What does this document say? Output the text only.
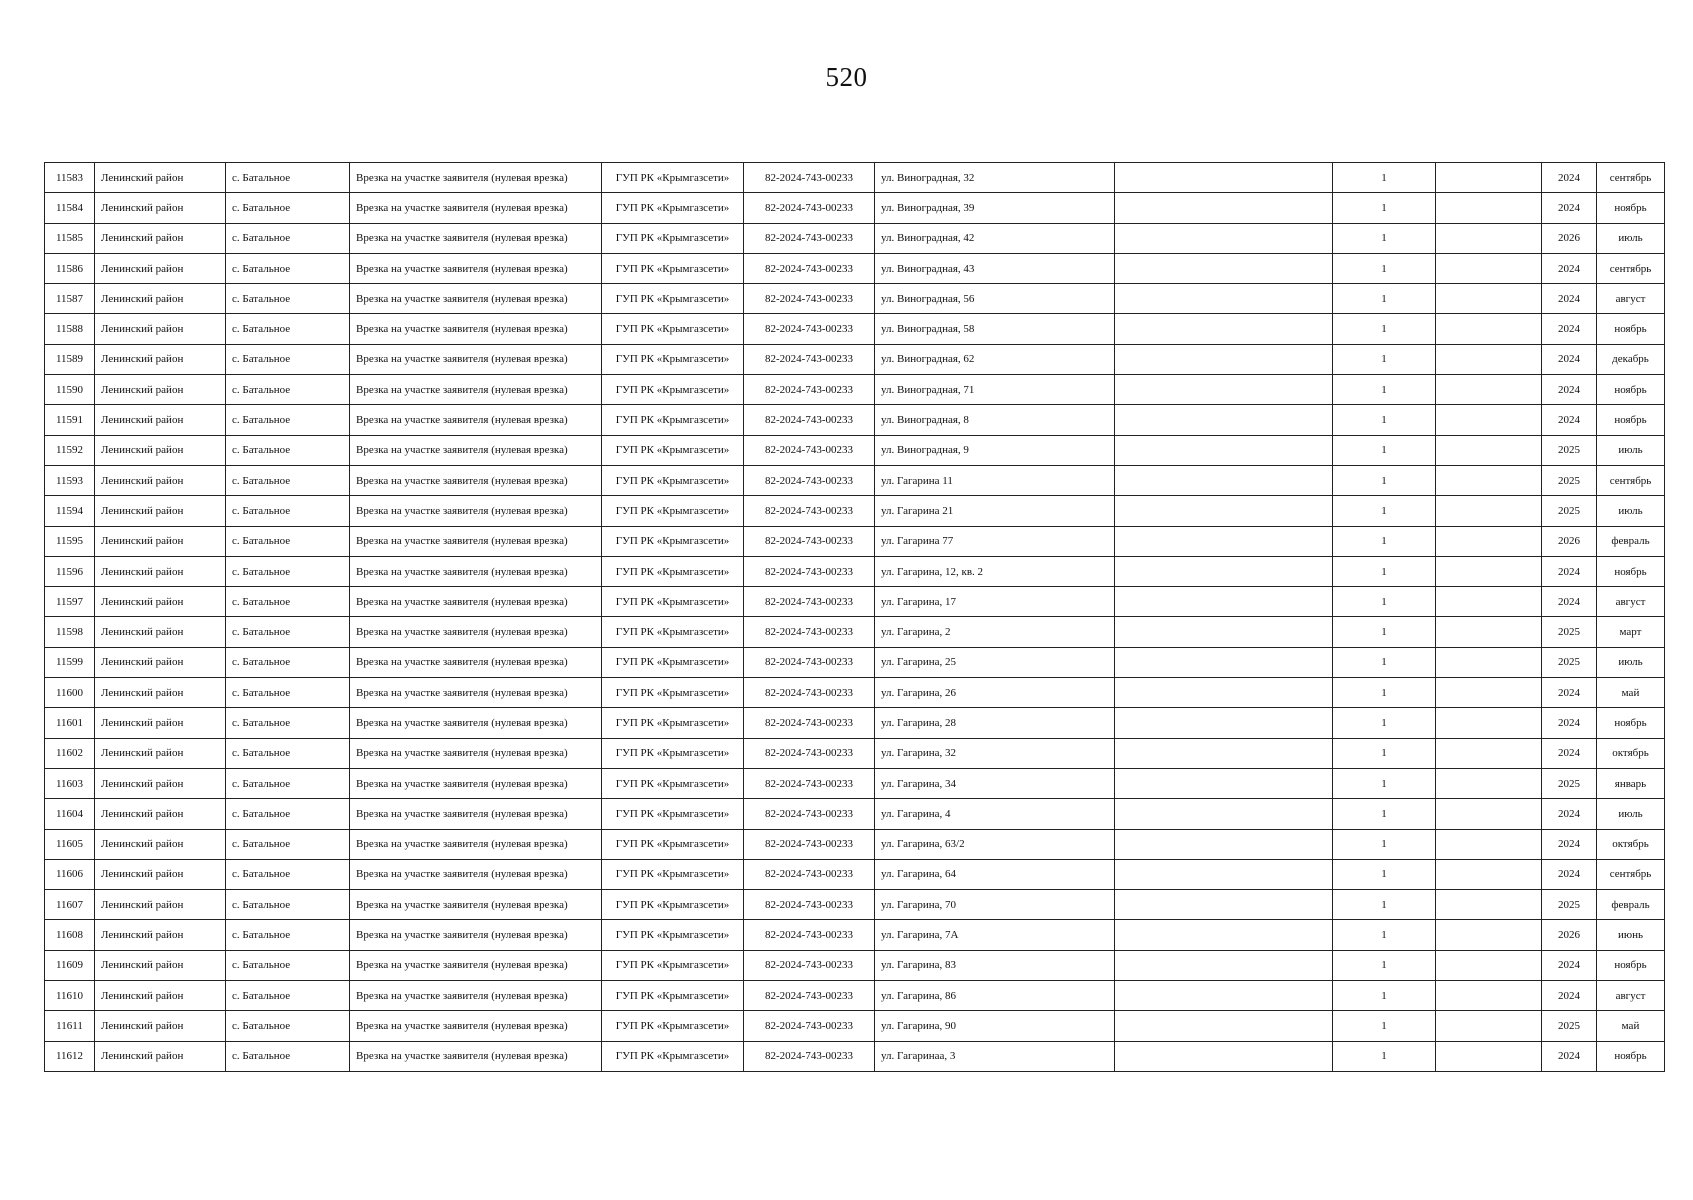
520
11583	Ленинский район	с. Батальное	Врезка на участке заявителя (нулевая врезка)	ГУП РК «Крымгазсети»	82-2024-743-00233	ул. Виноградная, 32		1		2024	сентябрь
11584	Ленинский район	с. Батальное	Врезка на участке заявителя (нулевая врезка)	ГУП РК «Крымгазсети»	82-2024-743-00233	ул. Виноградная, 39		1		2024	ноябрь
11585	Ленинский район	с. Батальное	Врезка на участке заявителя (нулевая врезка)	ГУП РК «Крымгазсети»	82-2024-743-00233	ул. Виноградная, 42		1		2026	июль
11586	Ленинский район	с. Батальное	Врезка на участке заявителя (нулевая врезка)	ГУП РК «Крымгазсети»	82-2024-743-00233	ул. Виноградная, 43		1		2024	сентябрь
11587	Ленинский район	с. Батальное	Врезка на участке заявителя (нулевая врезка)	ГУП РК «Крымгазсети»	82-2024-743-00233	ул. Виноградная, 56		1		2024	август
11588	Ленинский район	с. Батальное	Врезка на участке заявителя (нулевая врезка)	ГУП РК «Крымгазсети»	82-2024-743-00233	ул. Виноградная, 58		1		2024	ноябрь
11589	Ленинский район	с. Батальное	Врезка на участке заявителя (нулевая врезка)	ГУП РК «Крымгазсети»	82-2024-743-00233	ул. Виноградная, 62		1		2024	декабрь
11590	Ленинский район	с. Батальное	Врезка на участке заявителя (нулевая врезка)	ГУП РК «Крымгазсети»	82-2024-743-00233	ул. Виноградная, 71		1		2024	ноябрь
11591	Ленинский район	с. Батальное	Врезка на участке заявителя (нулевая врезка)	ГУП РК «Крымгазсети»	82-2024-743-00233	ул. Виноградная, 8		1		2024	ноябрь
11592	Ленинский район	с. Батальное	Врезка на участке заявителя (нулевая врезка)	ГУП РК «Крымгазсети»	82-2024-743-00233	ул. Виноградная, 9		1		2025	июль
11593	Ленинский район	с. Батальное	Врезка на участке заявителя (нулевая врезка)	ГУП РК «Крымгазсети»	82-2024-743-00233	ул. Гагарина 11		1		2025	сентябрь
11594	Ленинский район	с. Батальное	Врезка на участке заявителя (нулевая врезка)	ГУП РК «Крымгазсети»	82-2024-743-00233	ул. Гагарина 21		1		2025	июль
11595	Ленинский район	с. Батальное	Врезка на участке заявителя (нулевая врезка)	ГУП РК «Крымгазсети»	82-2024-743-00233	ул. Гагарина 77		1		2026	февраль
11596	Ленинский район	с. Батальное	Врезка на участке заявителя (нулевая врезка)	ГУП РК «Крымгазсети»	82-2024-743-00233	ул. Гагарина, 12, кв. 2		1		2024	ноябрь
11597	Ленинский район	с. Батальное	Врезка на участке заявителя (нулевая врезка)	ГУП РК «Крымгазсети»	82-2024-743-00233	ул. Гагарина, 17		1		2024	август
11598	Ленинский район	с. Батальное	Врезка на участке заявителя (нулевая врезка)	ГУП РК «Крымгазсети»	82-2024-743-00233	ул. Гагарина, 2		1		2025	март
11599	Ленинский район	с. Батальное	Врезка на участке заявителя (нулевая врезка)	ГУП РК «Крымгазсети»	82-2024-743-00233	ул. Гагарина, 25		1		2025	июль
11600	Ленинский район	с. Батальное	Врезка на участке заявителя (нулевая врезка)	ГУП РК «Крымгазсети»	82-2024-743-00233	ул. Гагарина, 26		1		2024	май
11601	Ленинский район	с. Батальное	Врезка на участке заявителя (нулевая врезка)	ГУП РК «Крымгазсети»	82-2024-743-00233	ул. Гагарина, 28		1		2024	ноябрь
11602	Ленинский район	с. Батальное	Врезка на участке заявителя (нулевая врезка)	ГУП РК «Крымгазсети»	82-2024-743-00233	ул. Гагарина, 32		1		2024	октябрь
11603	Ленинский район	с. Батальное	Врезка на участке заявителя (нулевая врезка)	ГУП РК «Крымгазсети»	82-2024-743-00233	ул. Гагарина, 34		1		2025	январь
11604	Ленинский район	с. Батальное	Врезка на участке заявителя (нулевая врезка)	ГУП РК «Крымгазсети»	82-2024-743-00233	ул. Гагарина, 4		1		2024	июль
11605	Ленинский район	с. Батальное	Врезка на участке заявителя (нулевая врезка)	ГУП РК «Крымгазсети»	82-2024-743-00233	ул. Гагарина, 63/2		1		2024	октябрь
11606	Ленинский район	с. Батальное	Врезка на участке заявителя (нулевая врезка)	ГУП РК «Крымгазсети»	82-2024-743-00233	ул. Гагарина, 64		1		2024	сентябрь
11607	Ленинский район	с. Батальное	Врезка на участке заявителя (нулевая врезка)	ГУП РК «Крымгазсети»	82-2024-743-00233	ул. Гагарина, 70		1		2025	февраль
11608	Ленинский район	с. Батальное	Врезка на участке заявителя (нулевая врезка)	ГУП РК «Крымгазсети»	82-2024-743-00233	ул. Гагарина, 7А		1		2026	июнь
11609	Ленинский район	с. Батальное	Врезка на участке заявителя (нулевая врезка)	ГУП РК «Крымгазсети»	82-2024-743-00233	ул. Гагарина, 83		1		2024	ноябрь
11610	Ленинский район	с. Батальное	Врезка на участке заявителя (нулевая врезка)	ГУП РК «Крымгазсети»	82-2024-743-00233	ул. Гагарина, 86		1		2024	август
11611	Ленинский район	с. Батальное	Врезка на участке заявителя (нулевая врезка)	ГУП РК «Крымгазсети»	82-2024-743-00233	ул. Гагарина, 90		1		2025	май
11612	Ленинский район	с. Батальное	Врезка на участке заявителя (нулевая врезка)	ГУП РК «Крымгазсети»	82-2024-743-00233	ул. Гагаринаа, 3		1		2024	ноябрь
